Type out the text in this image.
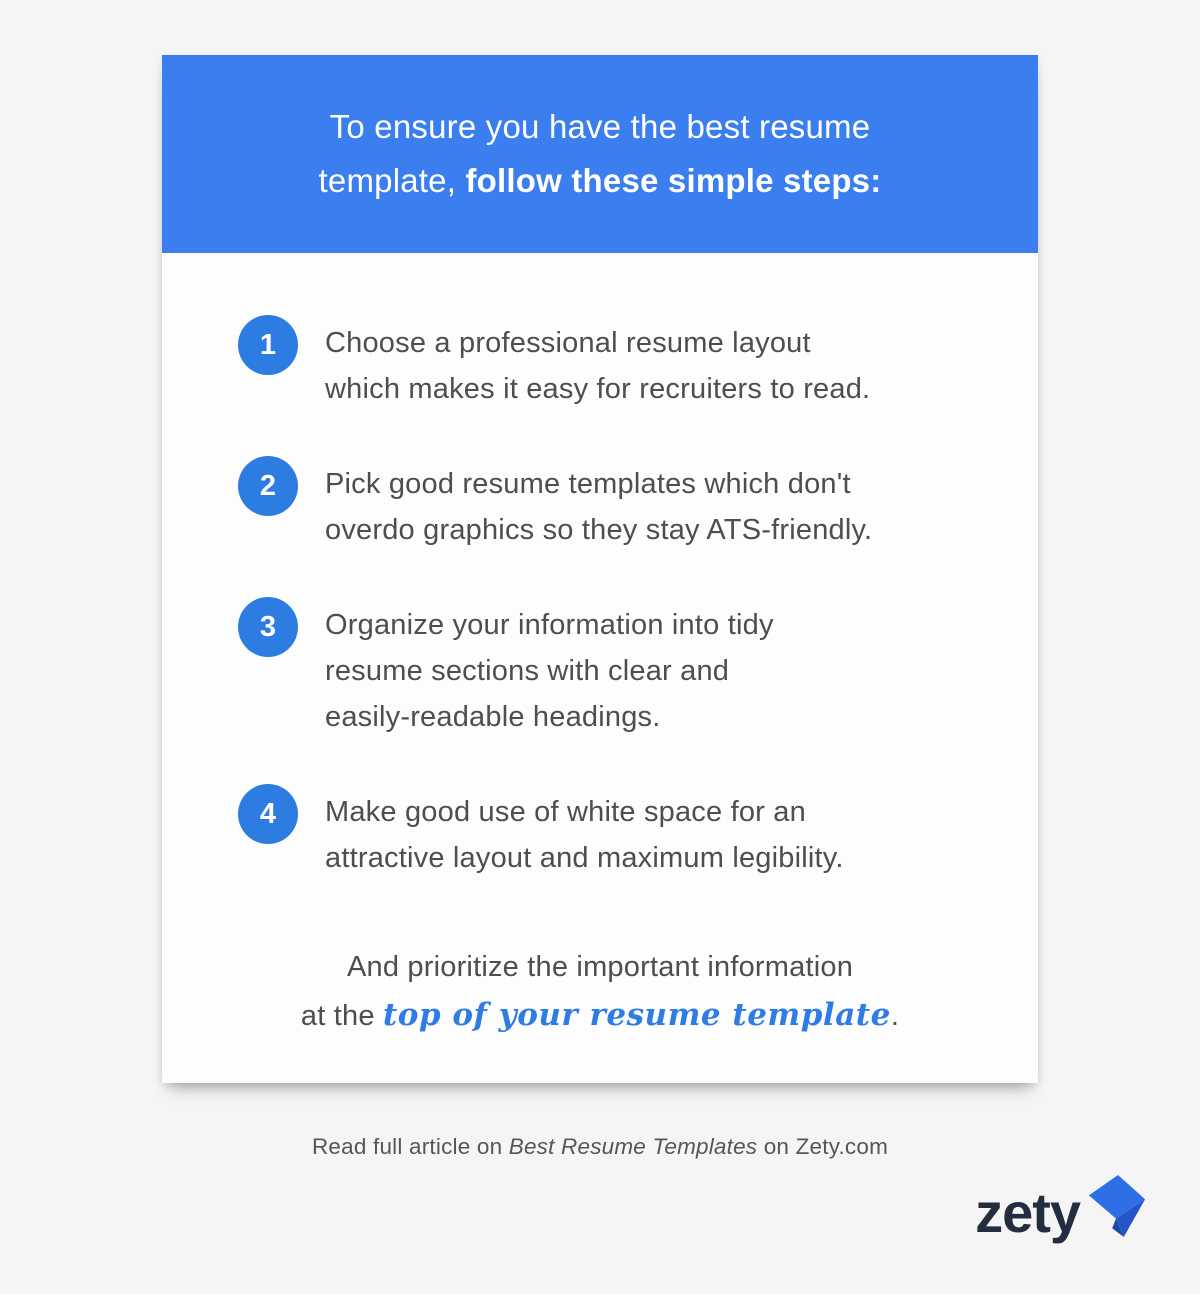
To ensure you have the best resume
template, follow these simple steps:
1	Choose a professional resume layout
which makes it easy for recruiters to read.
2	Pick good resume templates which don't
overdo graphics so they stay ATS-friendly.
3	Organize your information into tidy
resume sections with clear and
easily-readable headings.
4	Make good use of white space for an
attractive layout and maximum legibility.
And prioritize the important information
at the top of your resume template.
Read full article on Best Resume Templates on Zety.com
zety
